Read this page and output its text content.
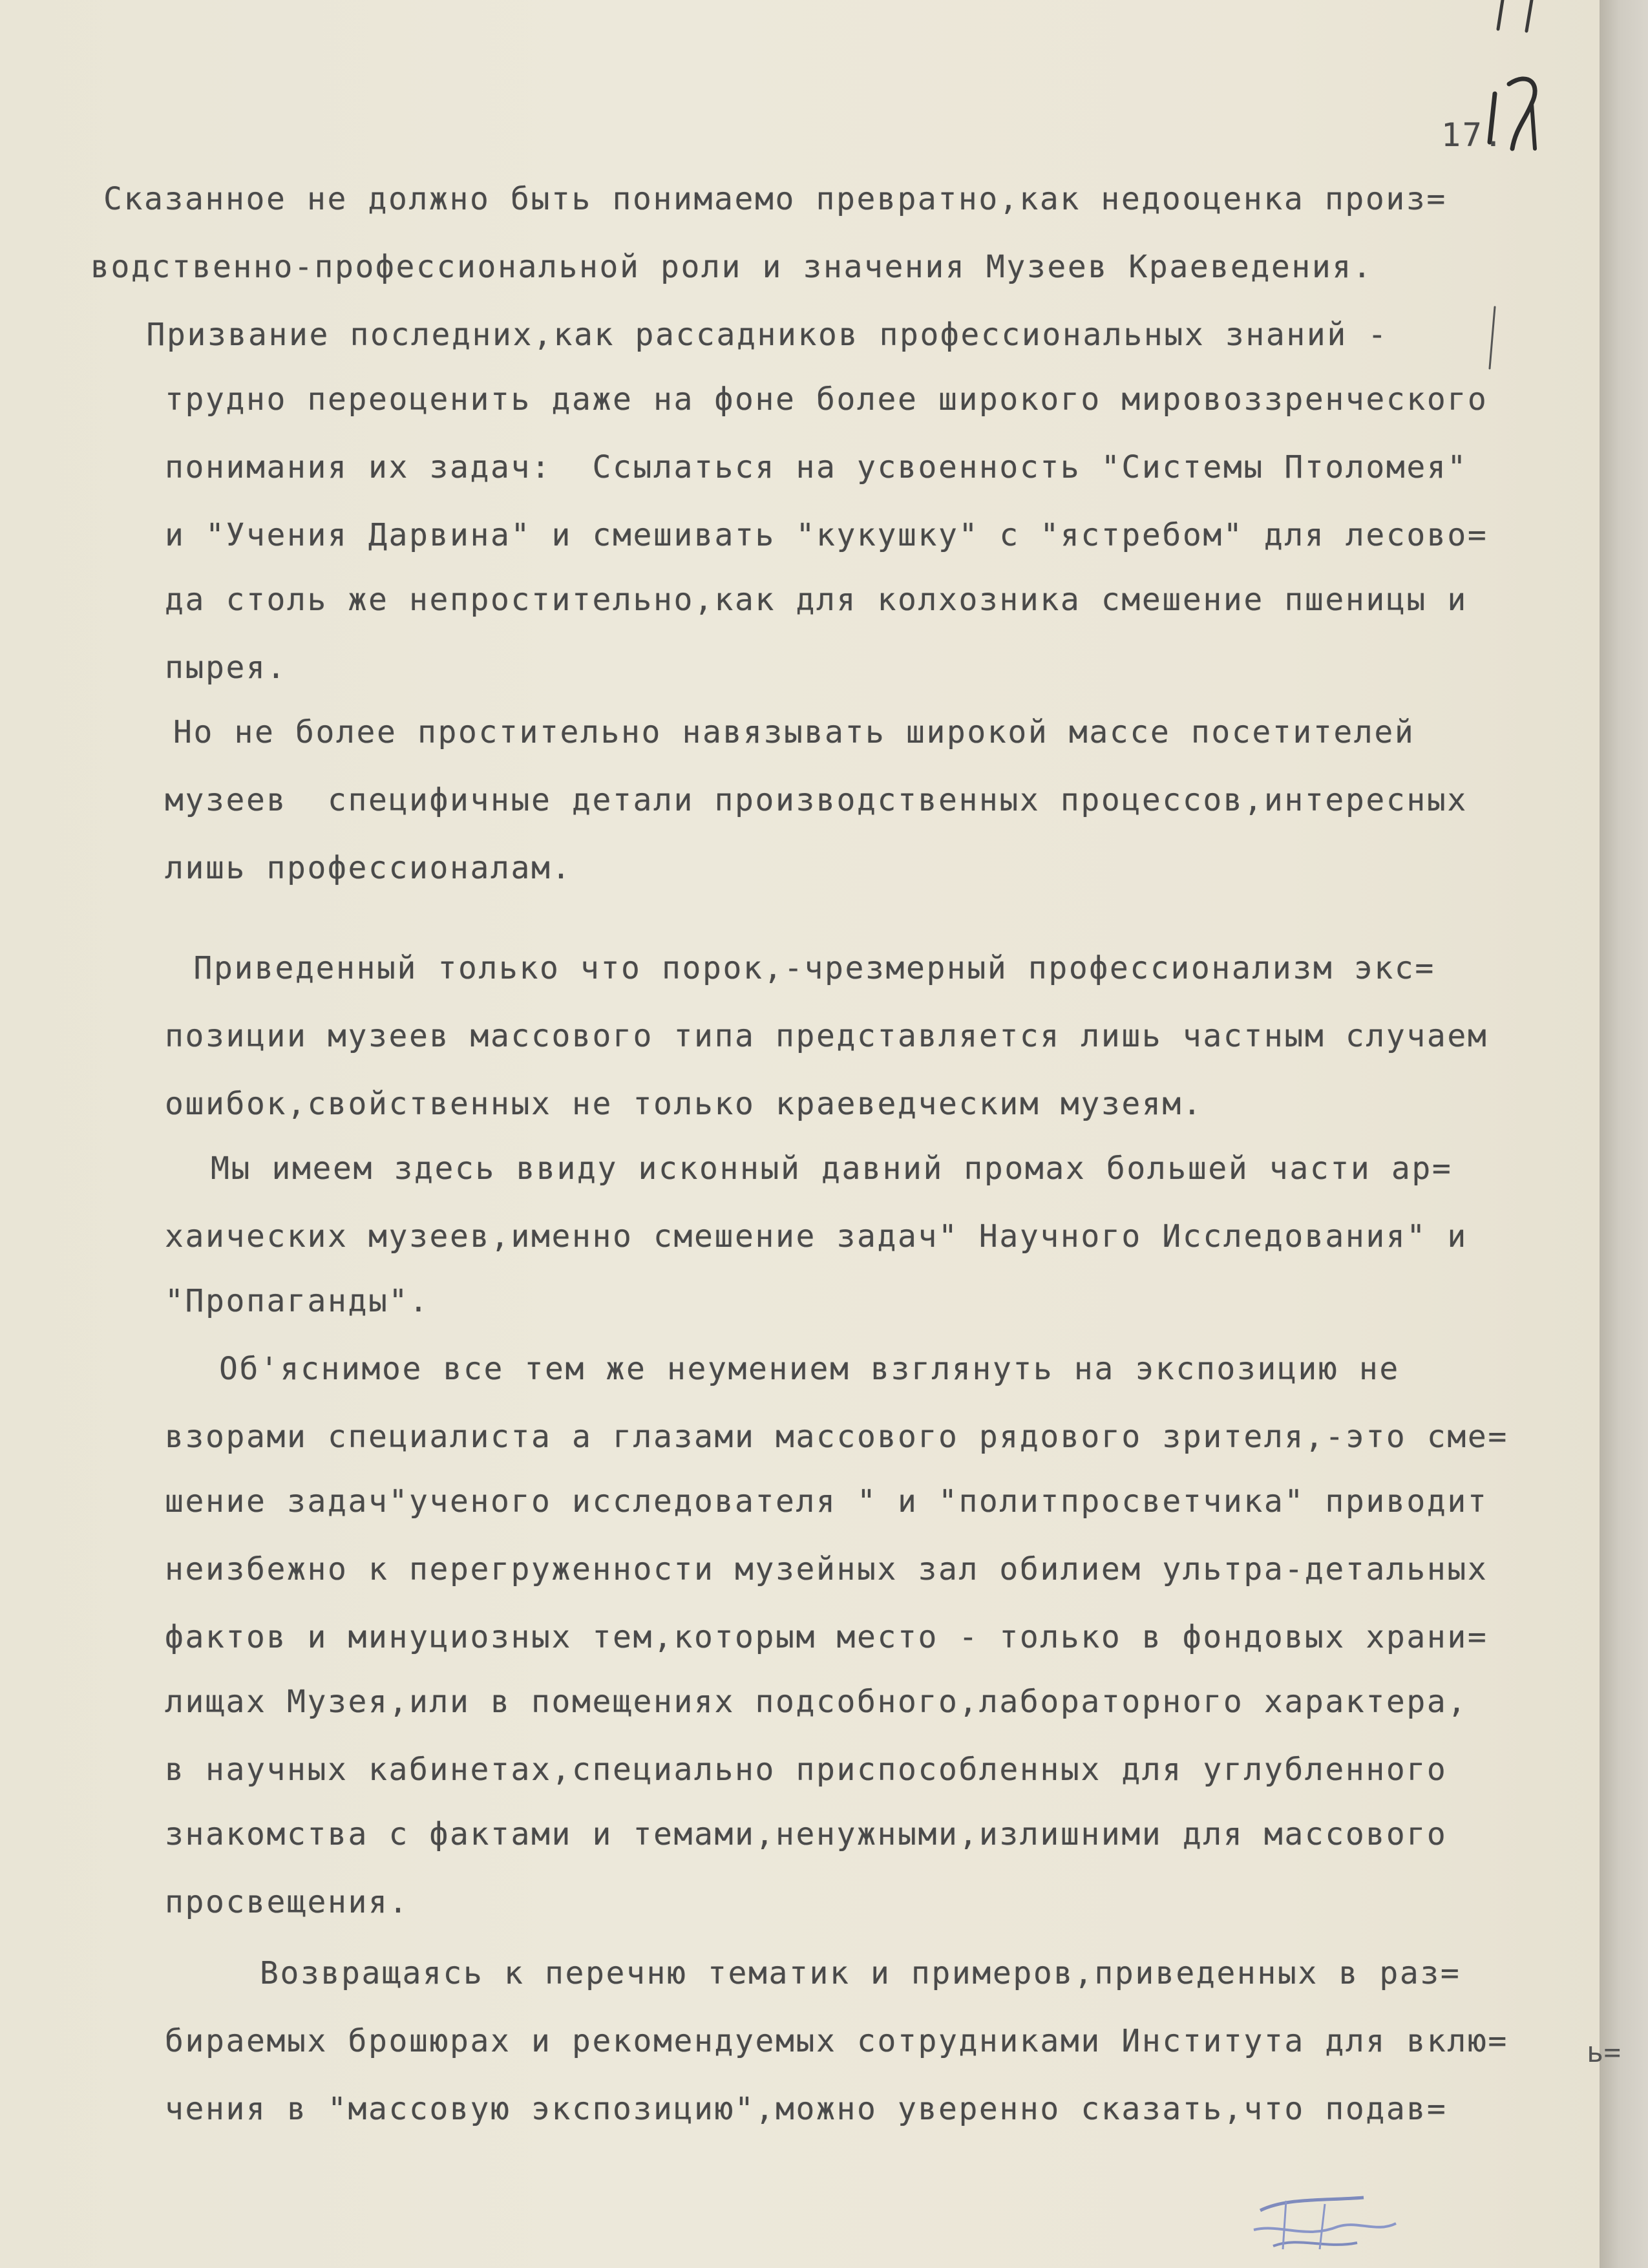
17.
Сказанное не должно быть понимаемо превратно,как недооценка произ=
водственно-профессиональной роли и значения Музеев Краеведения.
Призвание последних,как рассадников профессиональных знаний -
трудно переоценить даже на фоне более широкого мировоззренческого
понимания их задач:  Ссылаться на усвоенность "Системы Птоломея"
и "Учения Дарвина" и смешивать "кукушку" с "ястребом" для лесово=
да столь же непростительно,как для колхозника смешение пшеницы и
пырея.
Но не более простительно навязывать широкой массе посетителей
музеев  специфичные детали производственных процессов,интересных
лишь профессионалам.
Приведенный только что порок,-чрезмерный профессионализм экс=
позиции музеев массового типа представляется лишь частным случаем
ошибок,свойственных не только краеведческим музеям.
Мы имеем здесь ввиду исконный давний промах большей части ар=
хаических музеев,именно смешение задач" Научного Исследования" и
"Пропаганды".
Об'яснимое все тем же неумением взглянуть на экспозицию не
взорами специалиста а глазами массового рядового зрителя,-это сме=
шение задач"ученого исследователя " и "политпросветчика" приводит
неизбежно к перегруженности музейных зал обилием ультра-детальных
фактов и минуциозных тем,которым место - только в фондовых храни=
лищах Музея,или в помещениях подсобного,лабораторного характера,
в научных кабинетах,специально приспособленных для углубленного
знакомства с фактами и темами,ненужными,излишними для массового
просвещения.
Возвращаясь к перечню тематик и примеров,приведенных в раз=
бираемых брошюрах и рекомендуемых сотрудниками Института для вклю=
чения в "массовую экспозицию",можно уверенно сказать,что подав=
ь=
